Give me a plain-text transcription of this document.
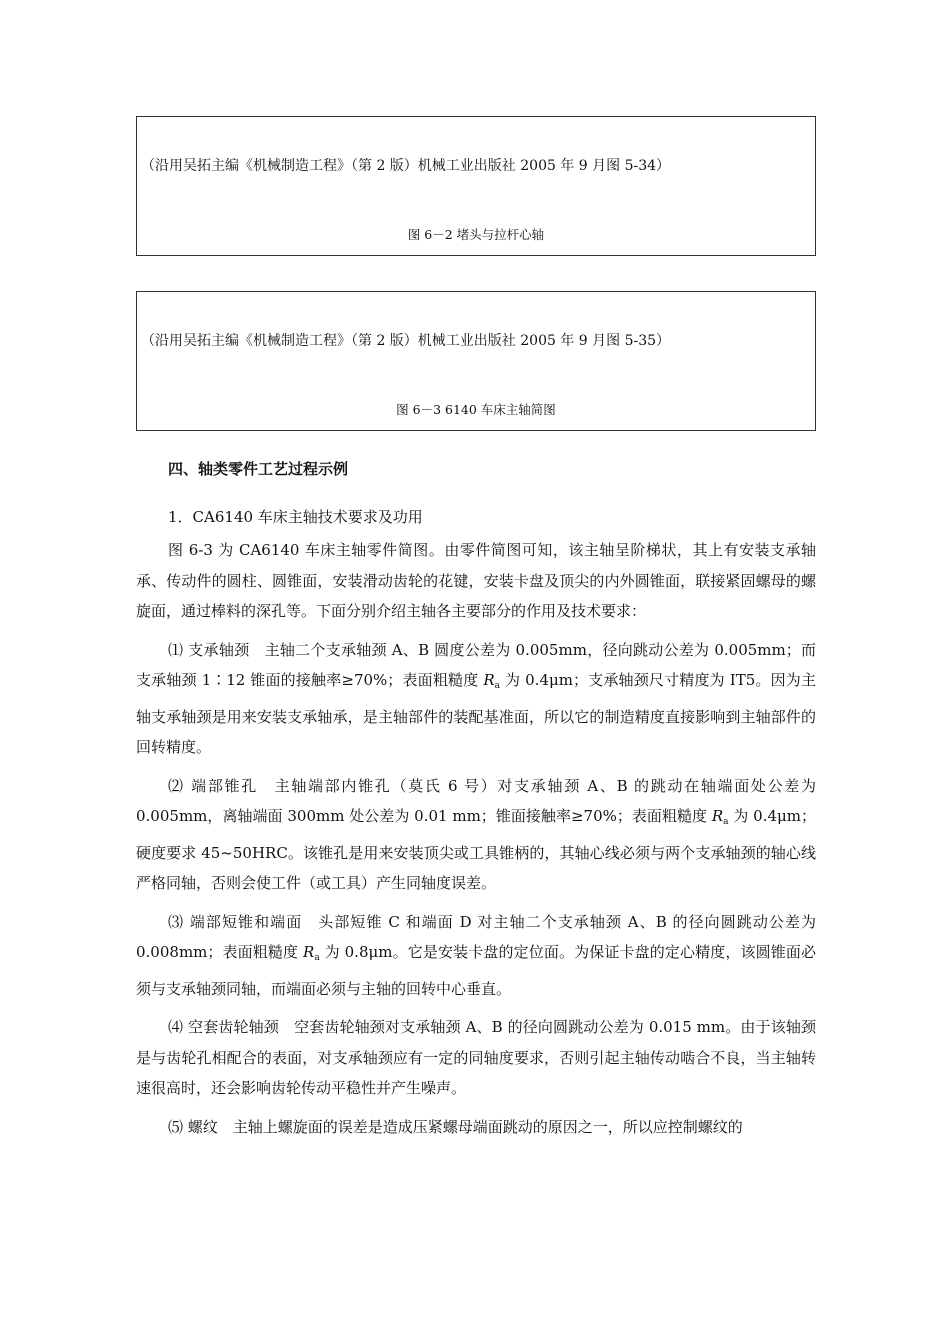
（沿用吴拓主编《机械制造工程》（第 2 版）机械工业出版社 2005 年 9 月图 5-34）
图 6－2 堵头与拉杆心轴
（沿用吴拓主编《机械制造工程》（第 2 版）机械工业出版社 2005 年 9 月图 5-35）
图 6－3 6140 车床主轴简图
四、轴类零件工艺过程示例
1．CA6140 车床主轴技术要求及功用

图 6-3 为 CA6140 车床主轴零件简图。由零件简图可知，该主轴呈阶梯状，其上有安装支承轴承、传动件的圆柱、圆锥面，安装滑动齿轮的花键，安装卡盘及顶尖的内外圆锥面，联接紧固螺母的螺旋面，通过棒料的深孔等。下面分别介绍主轴各主要部分的作用及技术要求：

⑴ 支承轴颈　主轴二个支承轴颈 A、B 圆度公差为 0.005mm，径向跳动公差为 0.005mm；而支承轴颈 1∶12 锥面的接触率≥70%；表面粗糙度 $R_a$ 为 0.4μm；支承轴颈尺寸精度为 IT5。因为主轴支承轴颈是用来安装支承轴承，是主轴部件的装配基准面，所以它的制造精度直接影响到主轴部件的回转精度。

⑵ 端部锥孔　主轴端部内锥孔（莫氏 6 号）对支承轴颈 A、B 的跳动在轴端面处公差为 0.005mm，离轴端面 300mm 处公差为 0.01 mm；锥面接触率≥70%；表面粗糙度 $R_a$ 为 0.4μm；硬度要求 45~50HRC。该锥孔是用来安装顶尖或工具锥柄的，其轴心线必须与两个支承轴颈的轴心线严格同轴，否则会使工件（或工具）产生同轴度误差。

⑶ 端部短锥和端面　头部短锥 C 和端面 D 对主轴二个支承轴颈 A、B 的径向圆跳动公差为 0.008mm；表面粗糙度 $R_a$ 为 0.8μm。它是安装卡盘的定位面。为保证卡盘的定心精度，该圆锥面必须与支承轴颈同轴，而端面必须与主轴的回转中心垂直。

⑷ 空套齿轮轴颈　空套齿轮轴颈对支承轴颈 A、B 的径向圆跳动公差为 0.015 mm。由于该轴颈是与齿轮孔相配合的表面，对支承轴颈应有一定的同轴度要求，否则引起主轴传动啮合不良，当主轴转速很高时，还会影响齿轮传动平稳性并产生噪声。

⑸ 螺纹　主轴上螺旋面的误差是造成压紧螺母端面跳动的原因之一，所以应控制螺纹的
